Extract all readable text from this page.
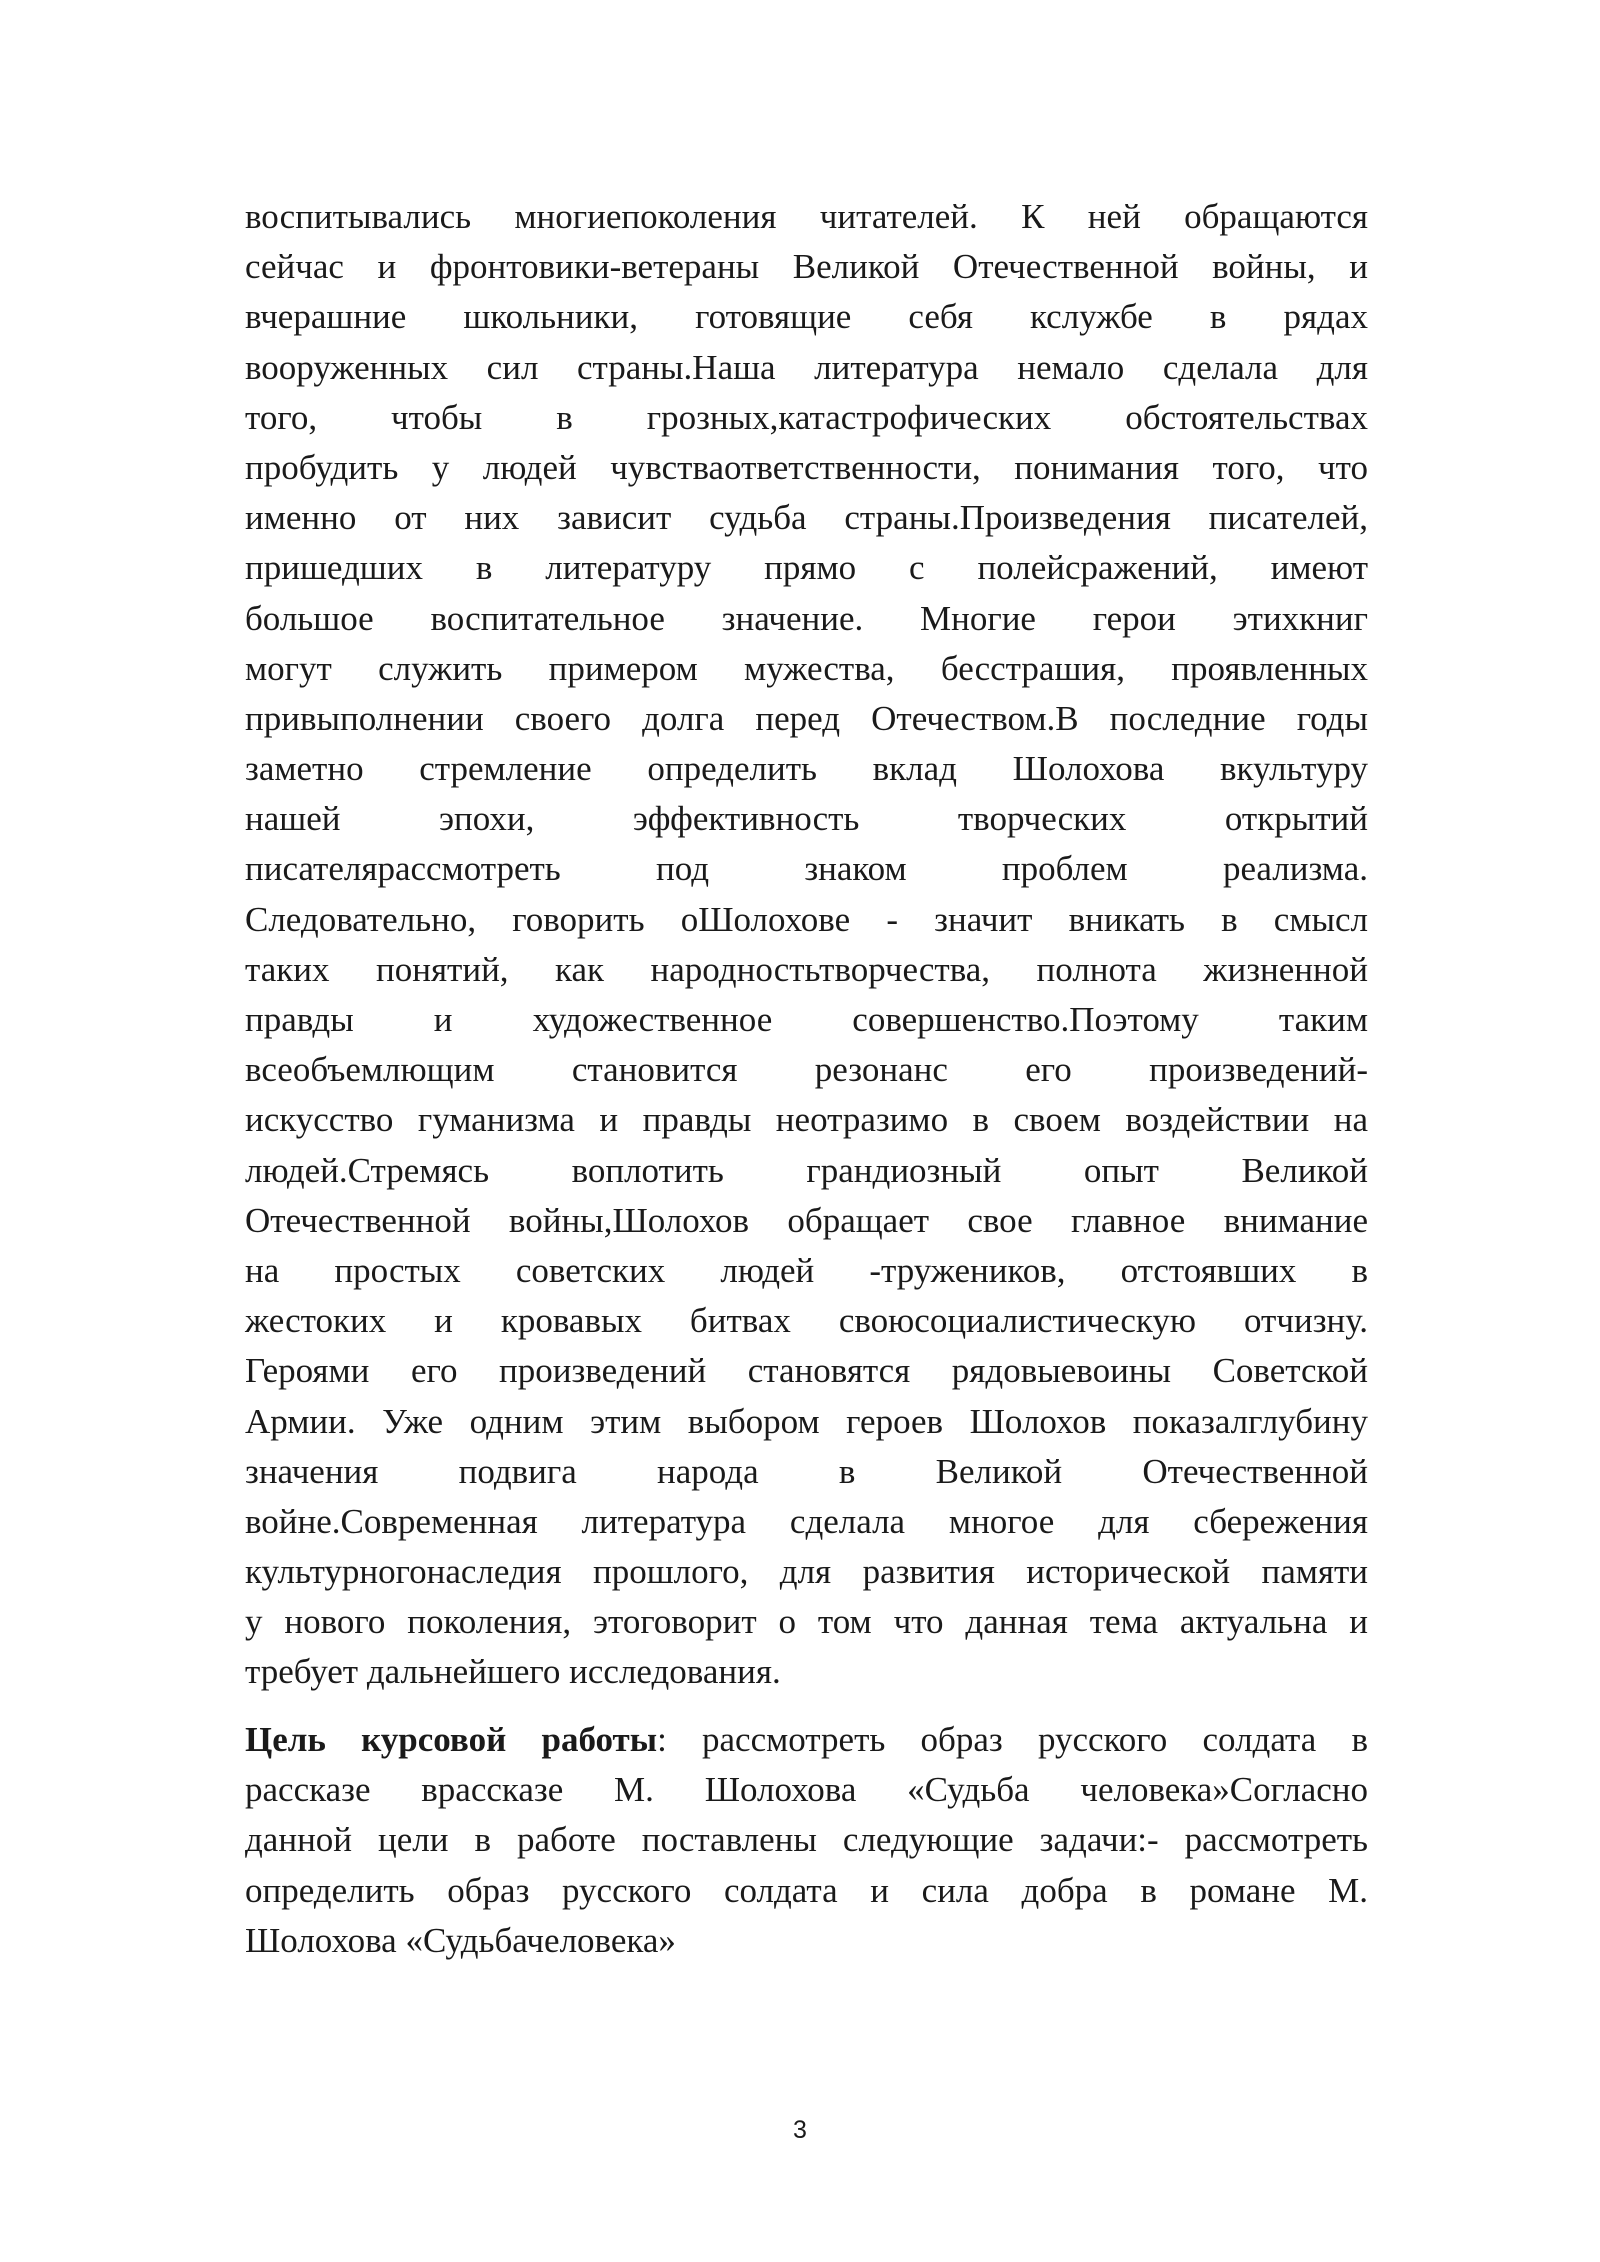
воспитывались многиепоколения читателей. К ней обращаются
сейчас и фронтовики-ветераны Великой Отечественной войны, и
вчерашние школьники, готовящие себя кслужбе в рядах
вооруженных сил страны.Наша литература немало сделала для
того, чтобы в грозных,катастрофических обстоятельствах
пробудить у людей чувстваответственности, понимания того, что
именно от них зависит судьба страны.Произведения писателей,
пришедших в литературу прямо с полейсражений, имеют
большое воспитательное значение. Многие герои этихкниг
могут служить примером мужества, бесстрашия, проявленных
привыполнении своего долга перед Отечеством.В последние годы
заметно стремление определить вклад Шолохова вкультуру
нашей эпохи, эффективность творческих открытий
писателярассмотреть под знаком проблем реализма.
Следовательно, говорить оШолохове - значит вникать в смысл
таких понятий, как народностьтворчества, полнота жизненной
правды и художественное совершенство.Поэтому таким
всеобъемлющим становится резонанс его произведений-
искусство гуманизма и правды неотразимо в своем воздействии на
людей.Стремясь воплотить грандиозный опыт Великой
Отечественной войны,Шолохов обращает свое главное внимание
на простых советских людей -тружеников, отстоявших в
жестоких и кровавых битвах своюсоциалистическую отчизну.
Героями его произведений становятся рядовыевоины Советской
Армии. Уже одним этим выбором героев Шолохов показалглубину
значения подвига народа в Великой Отечественной
войне.Современная литература сделала многое для сбережения
культурногонаследия прошлого, для развития исторической памяти
у нового поколения, этоговорит о том что данная тема актуальна и
требует дальнейшего исследования.
Цель курсовой работы: рассмотреть образ русского солдата в
рассказе врассказе М. Шолохова «Судьба человека»Согласно
данной цели в работе поставлены следующие задачи:- рассмотреть
определить образ русского солдата и сила добра в романе М.
Шолохова «Судьбачеловека»
3
